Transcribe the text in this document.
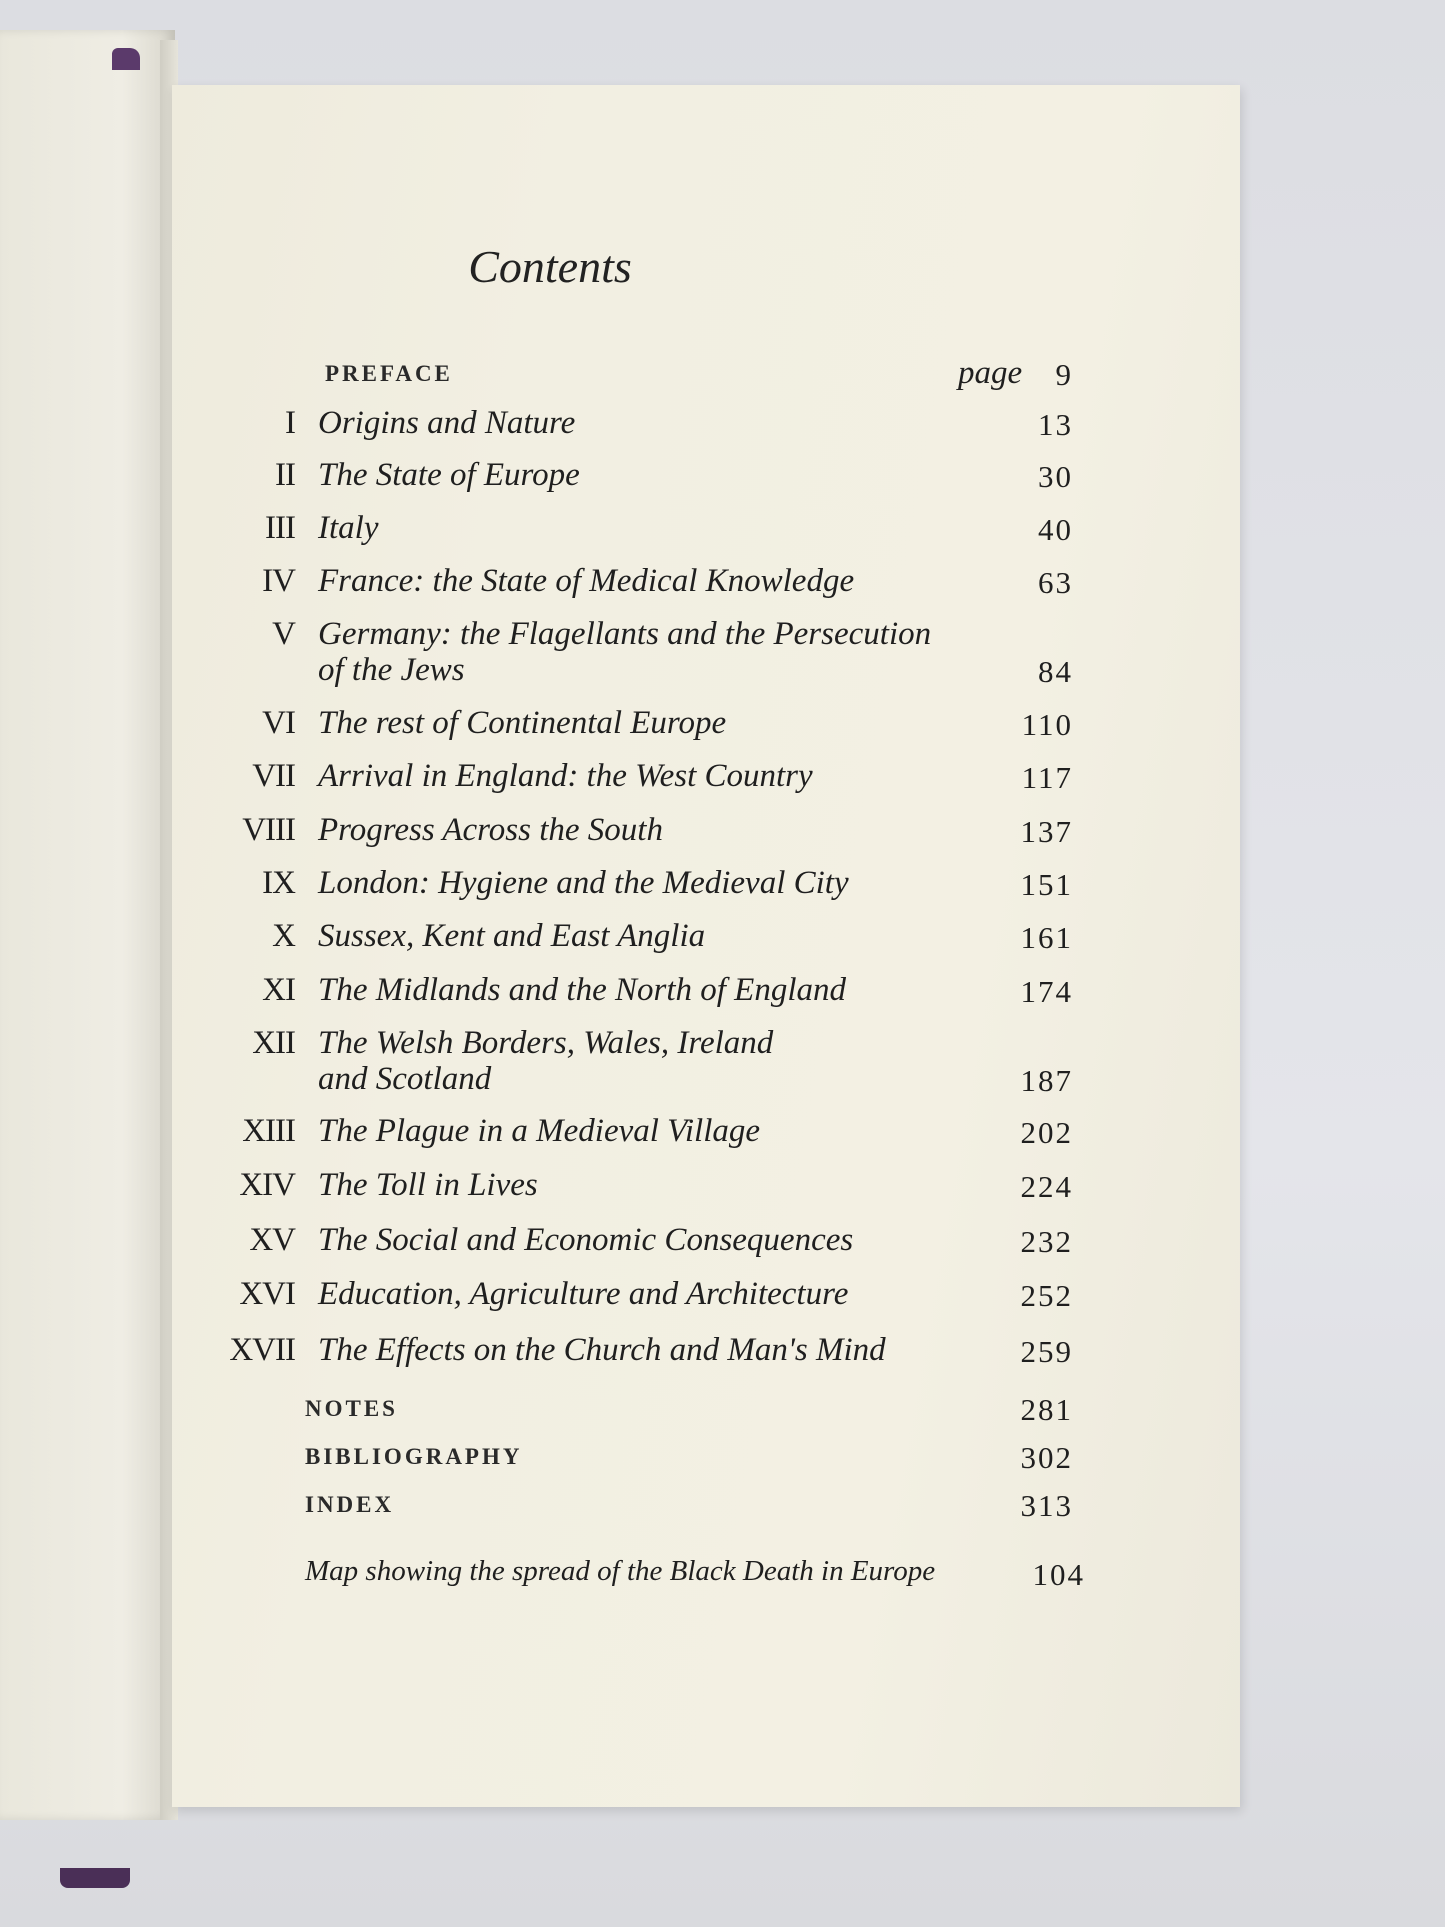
Contents
PREFACE	page 9
I Origins and Nature	13
II The State of Europe	30
III Italy	40
IV France: the State of Medical Knowledge	63
V Germany: the Flagellants and the Persecution
of the Jews	84
VI The rest of Continental Europe	110
VII Arrival in England: the West Country	117
VIII Progress Across the South	137
IX London: Hygiene and the Medieval City	151
X Sussex, Kent and East Anglia	161
XI The Midlands and the North of England	174
XII The Welsh Borders, Wales, Ireland
and Scotland	187
XIII The Plague in a Medieval Village	202
XIV The Toll in Lives	224
XV The Social and Economic Consequences	232
XVI Education, Agriculture and Architecture	252
XVII The Effects on the Church and Man's Mind	259
NOTES	281
BIBLIOGRAPHY	302
INDEX	313
Map showing the spread of the Black Death in Europe	104
